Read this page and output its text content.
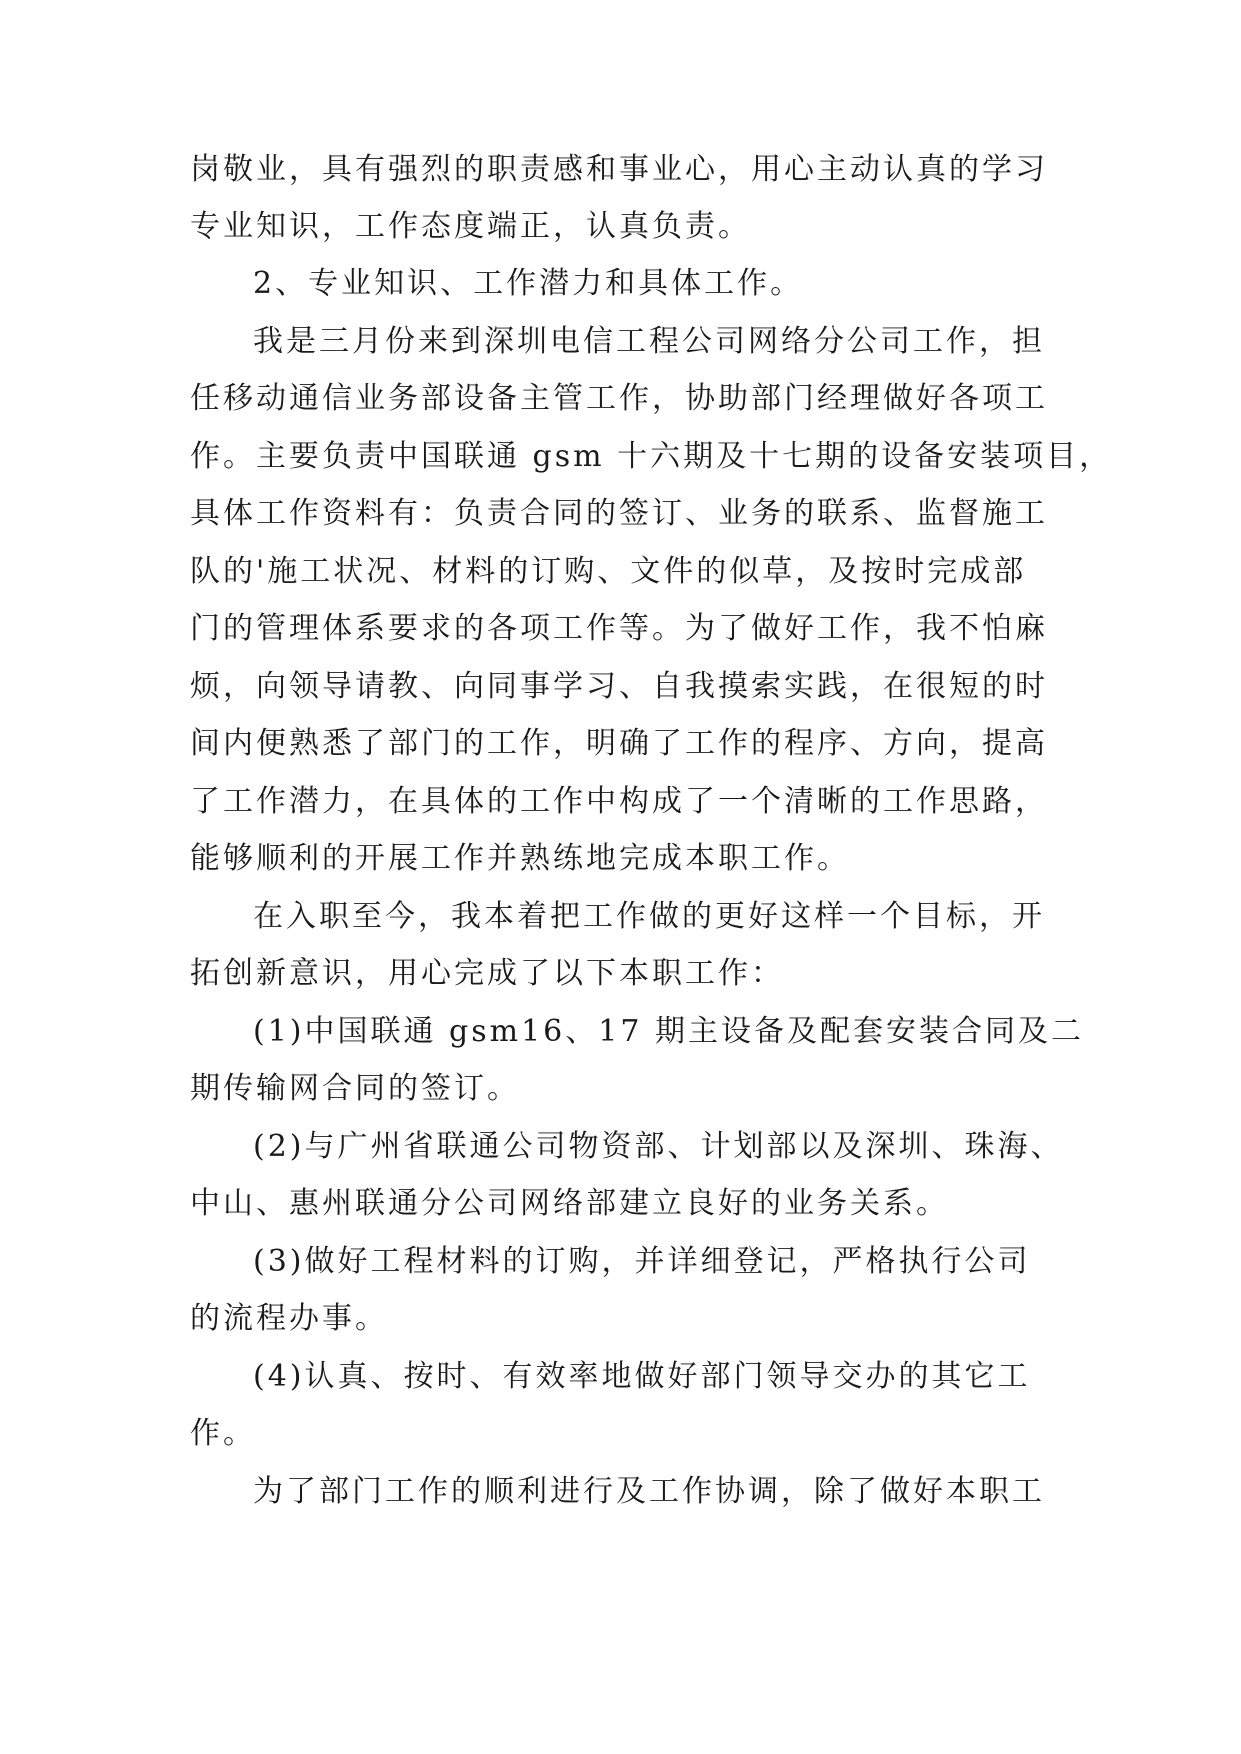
岗敬业，具有强烈的职责感和事业心，用心主动认真的学习

专业知识，工作态度端正，认真负责。

2、专业知识、工作潜力和具体工作。

我是三月份来到深圳电信工程公司网络分公司工作，担

任移动通信业务部设备主管工作，协助部门经理做好各项工

作。主要负责中国联通 gsm 十六期及十七期的设备安装项目，

具体工作资料有：负责合同的签订、业务的联系、监督施工

队的'施工状况、材料的订购、文件的似草，及按时完成部

门的管理体系要求的各项工作等。为了做好工作，我不怕麻

烦，向领导请教、向同事学习、自我摸索实践，在很短的时

间内便熟悉了部门的工作，明确了工作的程序、方向，提高

了工作潜力，在具体的工作中构成了一个清晰的工作思路，

能够顺利的开展工作并熟练地完成本职工作。

在入职至今，我本着把工作做的更好这样一个目标，开

拓创新意识，用心完成了以下本职工作：

(1)中国联通 gsm16、17 期主设备及配套安装合同及二

期传输网合同的签订。

(2)与广州省联通公司物资部、计划部以及深圳、珠海、

中山、惠州联通分公司网络部建立良好的业务关系。

(3)做好工程材料的订购，并详细登记，严格执行公司

的流程办事。

(4)认真、按时、有效率地做好部门领导交办的其它工

作。

为了部门工作的顺利进行及工作协调，除了做好本职工
